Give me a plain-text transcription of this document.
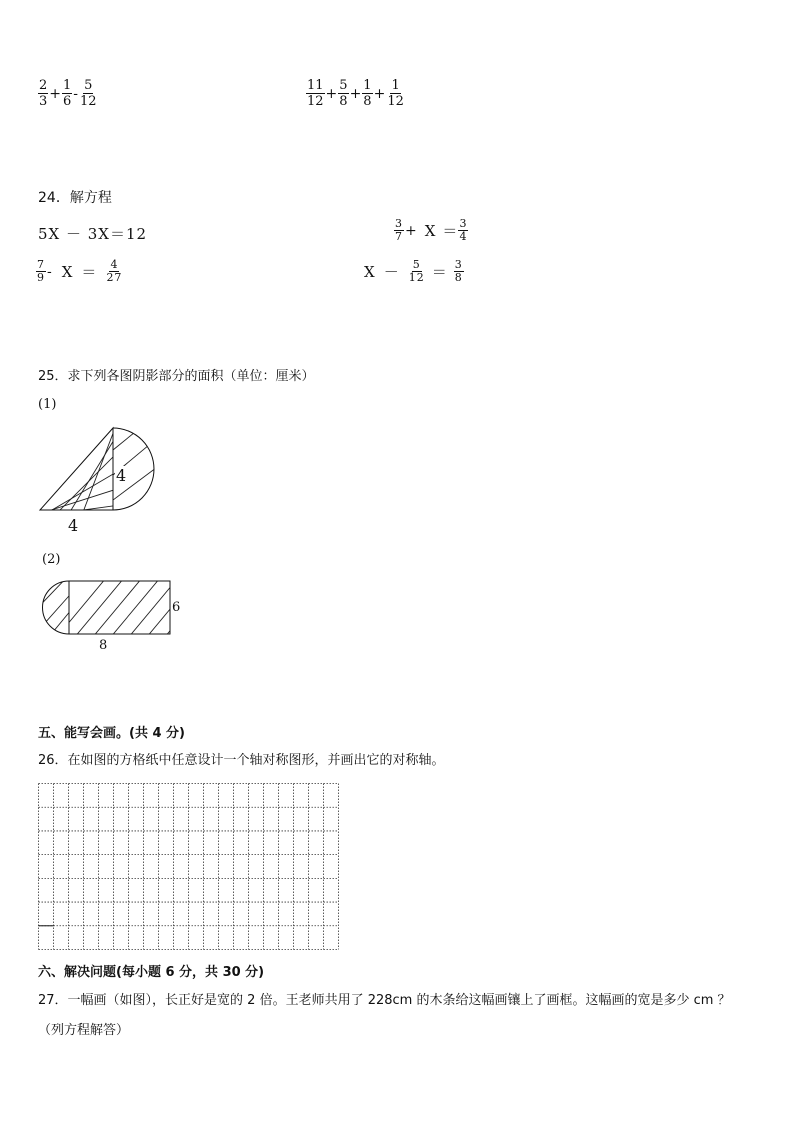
$\frac{2}{3} + \frac{1}{6} - \frac{5}{12}$	$\frac{11}{12} + \frac{5}{8} + \frac{1}{8} + \frac{1}{12}$
24．解方程
5X － 3X＝12	$\frac{3}{7} + X = \frac{3}{4}$
$\frac{7}{9} - X = \frac{4}{27}$	$X - \frac{5}{12} = \frac{3}{8}$
25．求下列各图阴影部分的面积（单位：厘米）
(1)
4
4
(2)
6
8
五、能写会画。(共 4 分)
26．在如图的方格纸中任意设计一个轴对称图形，并画出它的对称轴。
六、解决问题(每小题 6 分，共 30 分)
27．一幅画（如图），长正好是宽的 2 倍。王老师共用了 228cm 的木条给这幅画镶上了画框。这幅画的宽是多少 cm ？
（列方程解答）
